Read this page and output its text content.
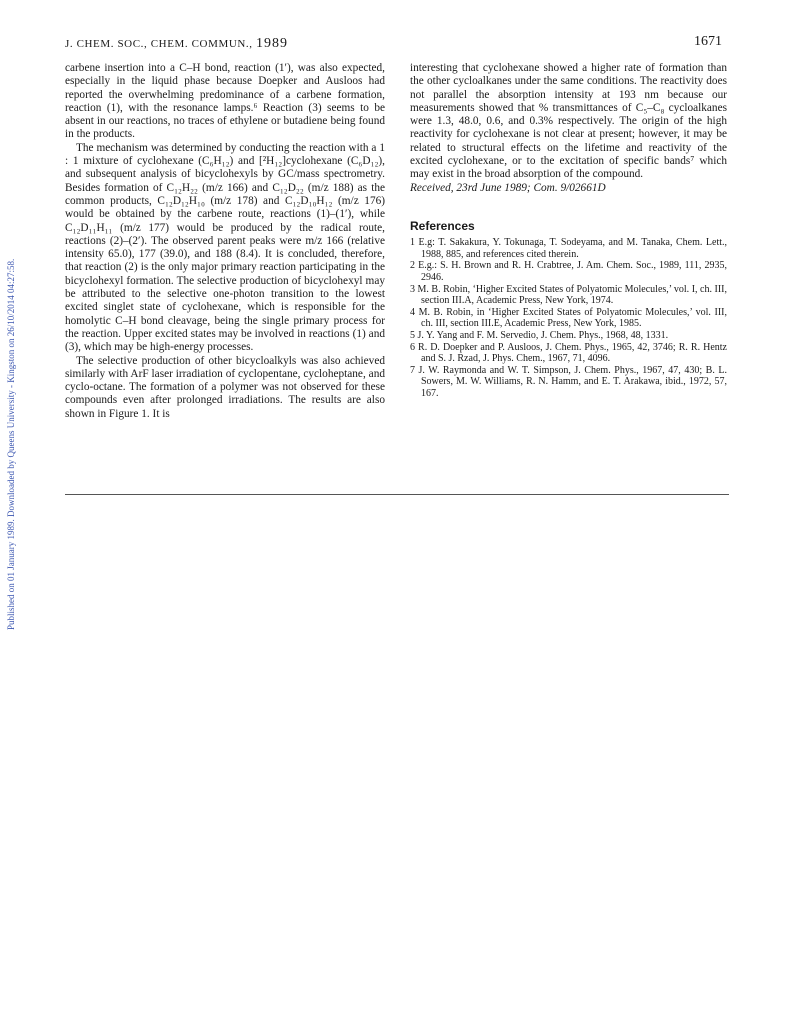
Published on 01 January 1989. Downloaded by Queens University - Kingston on 26/10/2014 04:27:58.
J. CHEM. SOC., CHEM. COMMUN., 1989	1671

carbene insertion into a C–H bond, reaction (1′), was also expected, especially in the liquid phase because Doepker and Ausloos had reported the overwhelming predominance of a carbene formation, reaction (1), with the resonance lamps.⁶ Reaction (3) seems to be absent in our reactions, no traces of ethylene or butadiene being found in the products.

The mechanism was determined by conducting the reaction with a 1 : 1 mixture of cyclohexane (C₆H₁₂) and [²H₁₂]cyclohexane (C₆D₁₂), and subsequent analysis of bicyclohexyls by GC/mass spectrometry. Besides formation of C₁₂H₂₂ (m/z 166) and C₁₂D₂₂ (m/z 188) as the common products, C₁₂D₁₂H₁₀ (m/z 178) and C₁₂D₁₀H₁₂ (m/z 176) would be obtained by the carbene route, reactions (1)–(1′), while C₁₂D₁₁H₁₁ (m/z 177) would be produced by the radical route, reactions (2)–(2′). The observed parent peaks were m/z 166 (relative intensity 65.0), 177 (39.0), and 188 (8.4). It is concluded, therefore, that reaction (2) is the only major primary reaction participating in the bicyclohexyl formation. The selective production of bicyclohexyl may be attributed to the selective one-photon transition to the lowest excited singlet state of cyclohexane, which is responsible for the homolytic C–H bond cleavage, being the single primary process for the reaction. Upper excited states may be involved in reactions (1) and (3), which may be high-energy processes.

The selective production of other bicycloalkyls was also achieved similarly with ArF laser irradiation of cyclopentane, cycloheptane, and cyclo-octane. The formation of a polymer was not observed for these compounds even after prolonged irradiations. The results are also shown in Figure 1. It is

interesting that cyclohexane showed a higher rate of formation than the other cycloalkanes under the same conditions. The reactivity does not parallel the absorption intensity at 193 nm because our measurements showed that % transmittances of C₅–C₈ cycloalkanes were 1.3, 48.0, 0.6, and 0.3% respectively. The origin of the high reactivity for cyclohexane is not clear at present; however, it may be related to structural effects on the lifetime and reactivity of the excited cyclohexane, or to the excitation of specific bands⁷ which may exist in the broad absorption of the compound.

Received, 23rd June 1989; Com. 9/02661D

References

1 E.g: T. Sakakura, Y. Tokunaga, T. Sodeyama, and M. Tanaka, Chem. Lett., 1988, 885, and references cited therein.

2 E.g.: S. H. Brown and R. H. Crabtree, J. Am. Chem. Soc., 1989, 111, 2935, 2946.

3 M. B. Robin, ‘Higher Excited States of Polyatomic Molecules,’ vol. I, ch. III, section III.A, Academic Press, New York, 1974.

4 M. B. Robin, in ‘Higher Excited States of Polyatomic Molecules,’ vol. III, ch. III, section III.E, Academic Press, New York, 1985.

5 J. Y. Yang and F. M. Servedio, J. Chem. Phys., 1968, 48, 1331.

6 R. D. Doepker and P. Ausloos, J. Chem. Phys., 1965, 42, 3746; R. R. Hentz and S. J. Rzad, J. Phys. Chem., 1967, 71, 4096.

7 J. W. Raymonda and W. T. Simpson, J. Chem. Phys., 1967, 47, 430; B. L. Sowers, M. W. Williams, R. N. Hamm, and E. T. Arakawa, ibid., 1972, 57, 167.
